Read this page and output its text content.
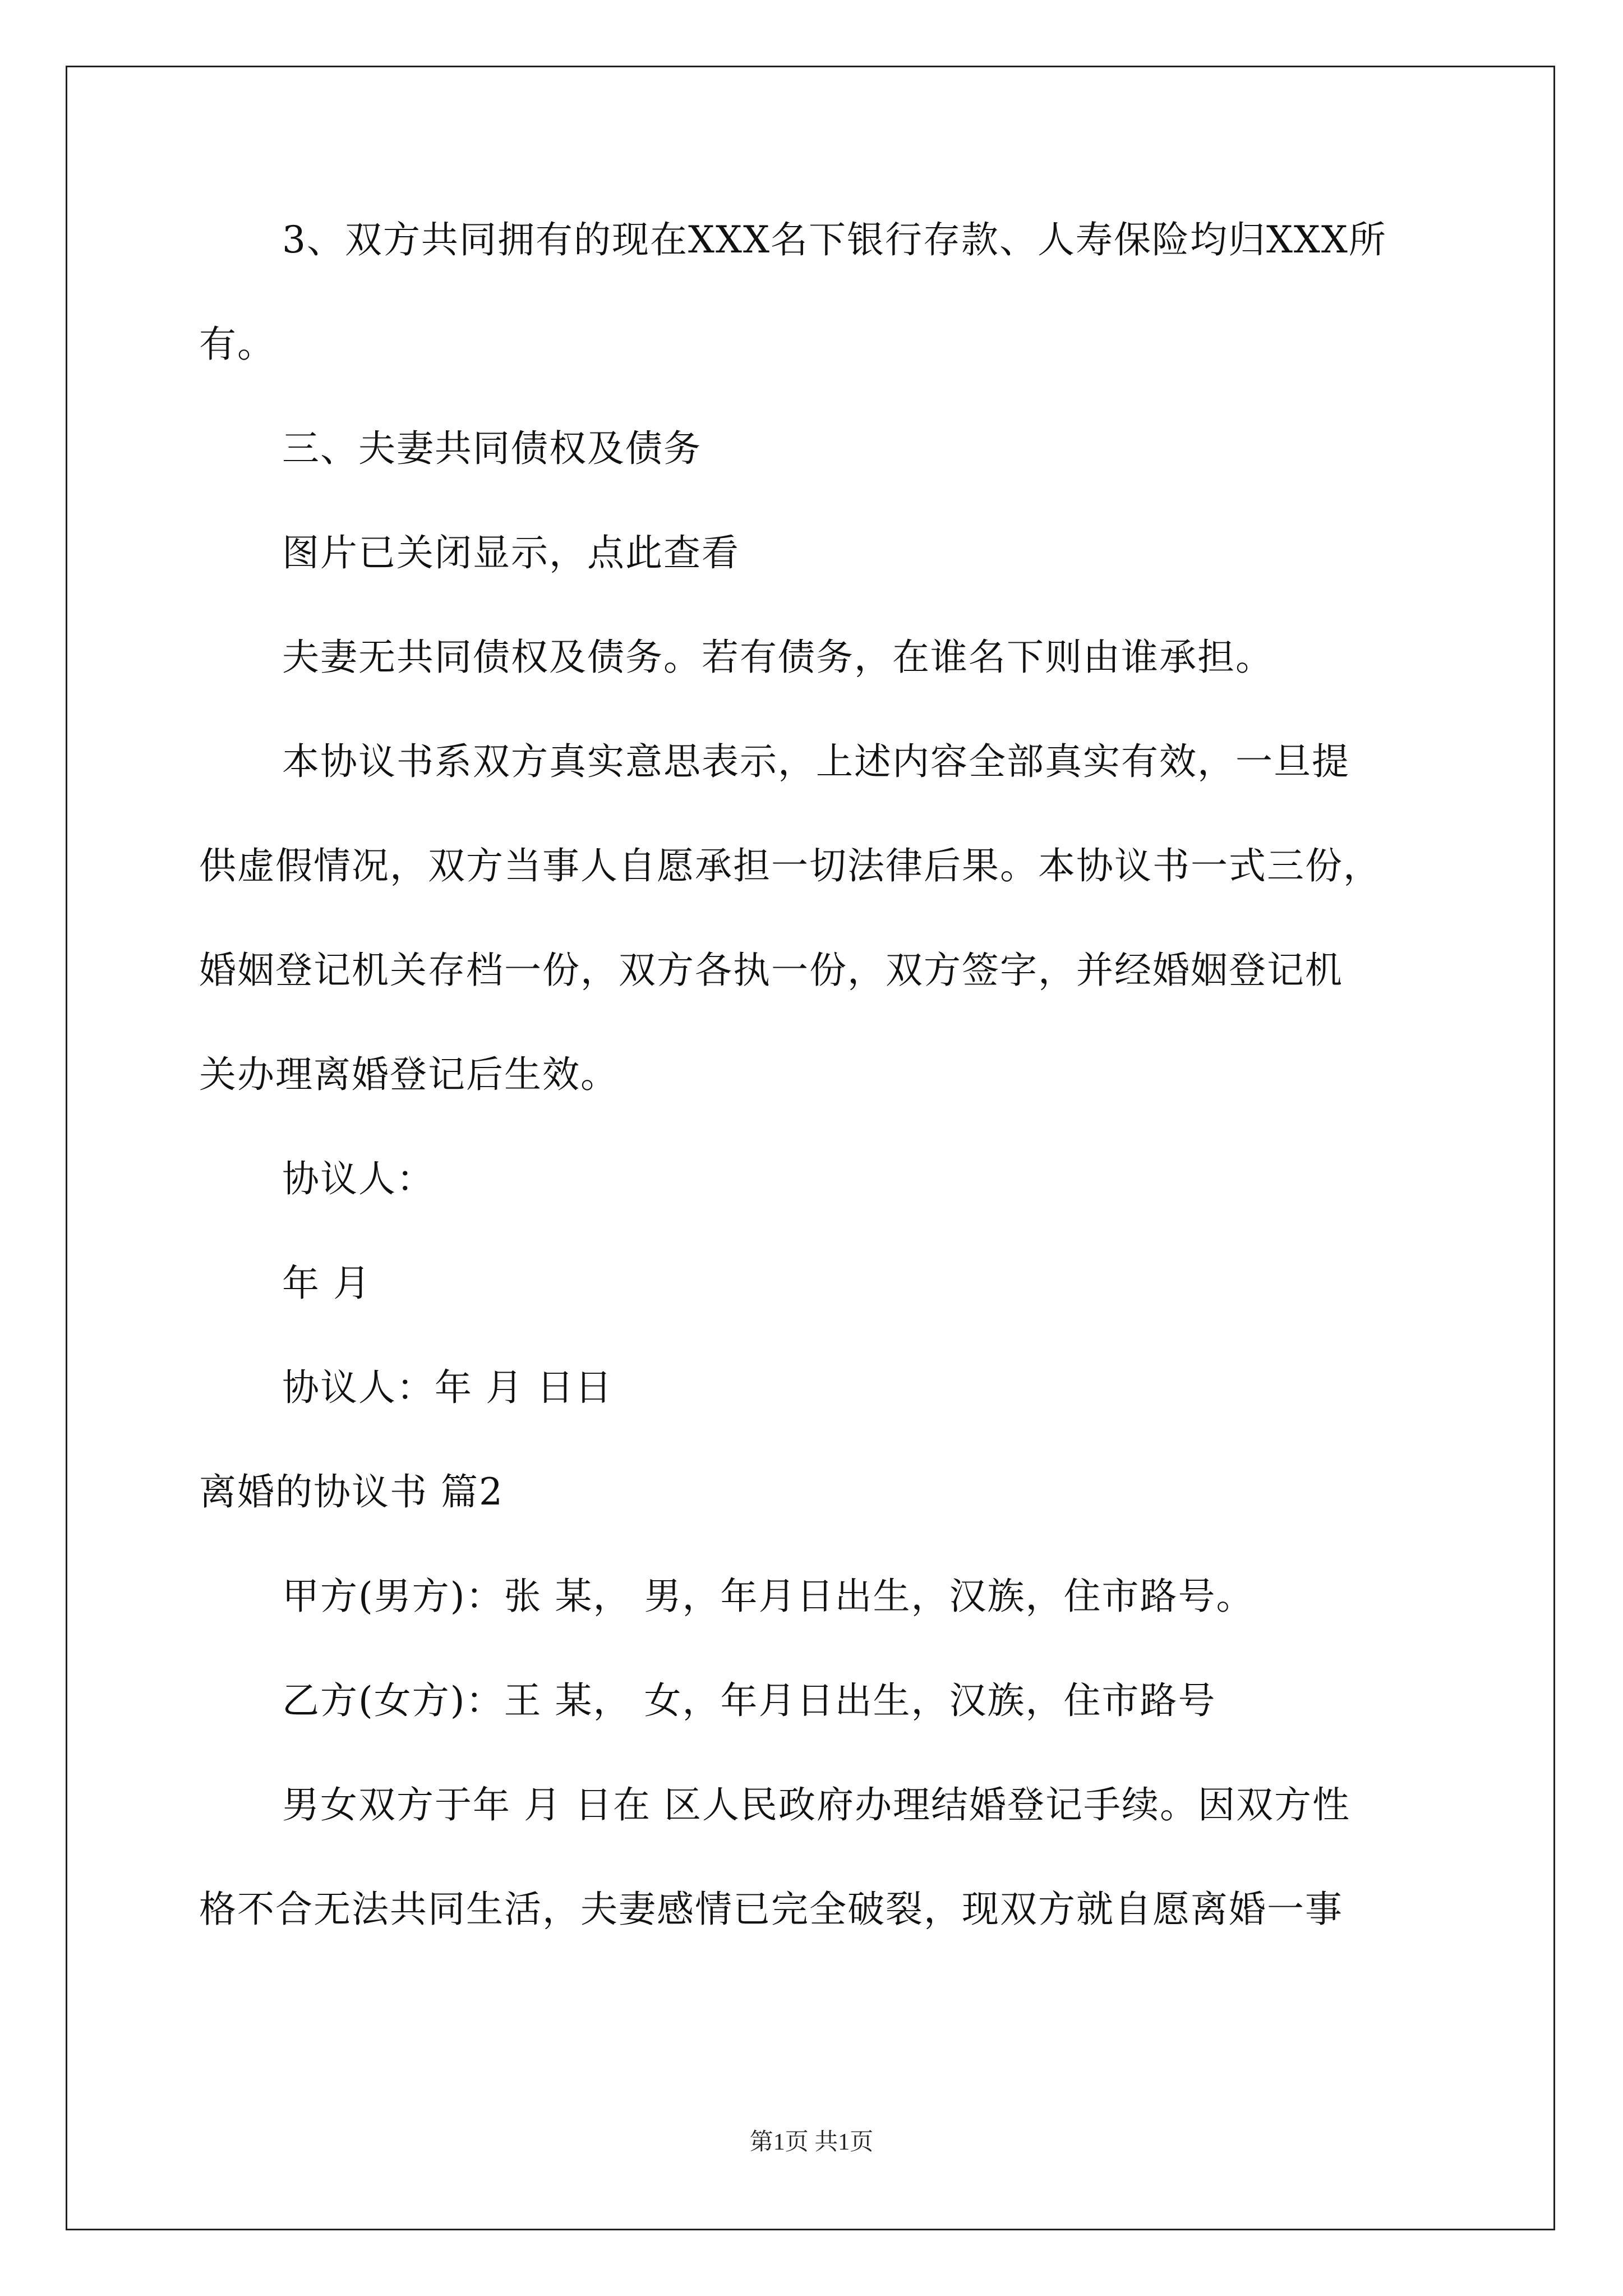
3、双方共同拥有的现在XXX名下银行存款、人寿保险均归XXX所
有。
三、夫妻共同债权及债务
图片已关闭显示，点此查看
夫妻无共同债权及债务。若有债务，在谁名下则由谁承担。
本协议书系双方真实意思表示，上述内容全部真实有效，一旦提
供虚假情况，双方当事人自愿承担一切法律后果。本协议书一式三份，
婚姻登记机关存档一份，双方各执一份，双方签字，并经婚姻登记机
关办理离婚登记后生效。
协议人：
年 月
协议人：年 月 日日
离婚的协议书 篇2
甲方(男方)：张 某， 男，年月日出生，汉族，住市路号。
乙方(女方)：王 某， 女，年月日出生，汉族，住市路号
男女双方于年 月 日在 区人民政府办理结婚登记手续。因双方性
格不合无法共同生活，夫妻感情已完全破裂，现双方就自愿离婚一事
第1页 共1页
